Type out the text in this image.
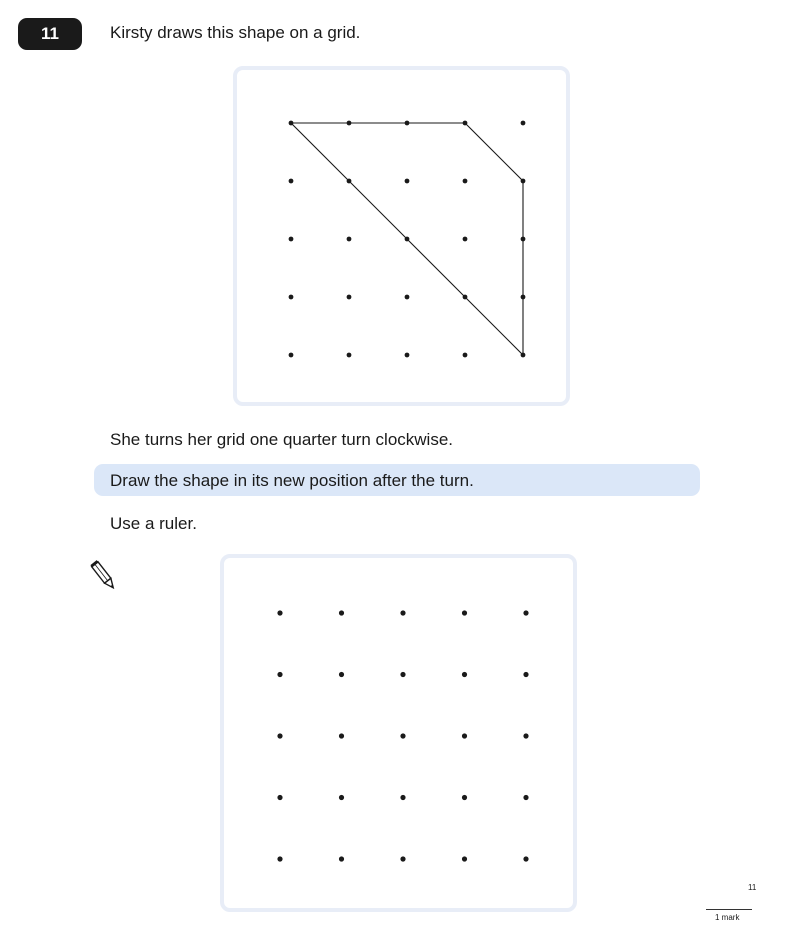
11	Kirsty draws this shape on a grid.
She turns her grid one quarter turn clockwise.
Draw the shape in its new position after the turn.
Use a ruler.
11
1 mark
